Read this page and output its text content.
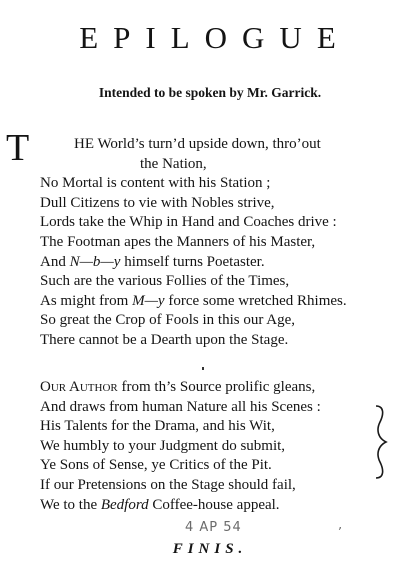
EPILOGUE
Intended to be spoken by Mr. Garrick.
T	HE World’s turn’d upside down, thro’out
the Nation,
No Mortal is content with his Station ;
Dull Citizens to vie with Nobles strive,
Lords take the Whip in Hand and Coaches drive :
The Footman apes the Manners of his Master,
And N—b—y himself turns Poetaster.
Such are the various Follies of the Times,
As might from M—y force some wretched Rhimes.
So great the Crop of Fools in this our Age,
There cannot be a Dearth upon the Stage.
Our Author from th’s Source prolific gleans,
And draws from human Nature all his Scenes :
His Talents for the Drama, and his Wit,
We humbly to your Judgment do submit,
Ye Sons of Sense, ye Critics of the Pit.
If our Pretensions on the Stage should fail,
We to the Bedford Coffee-house appeal.
4 AP 54	’
FINIS.
